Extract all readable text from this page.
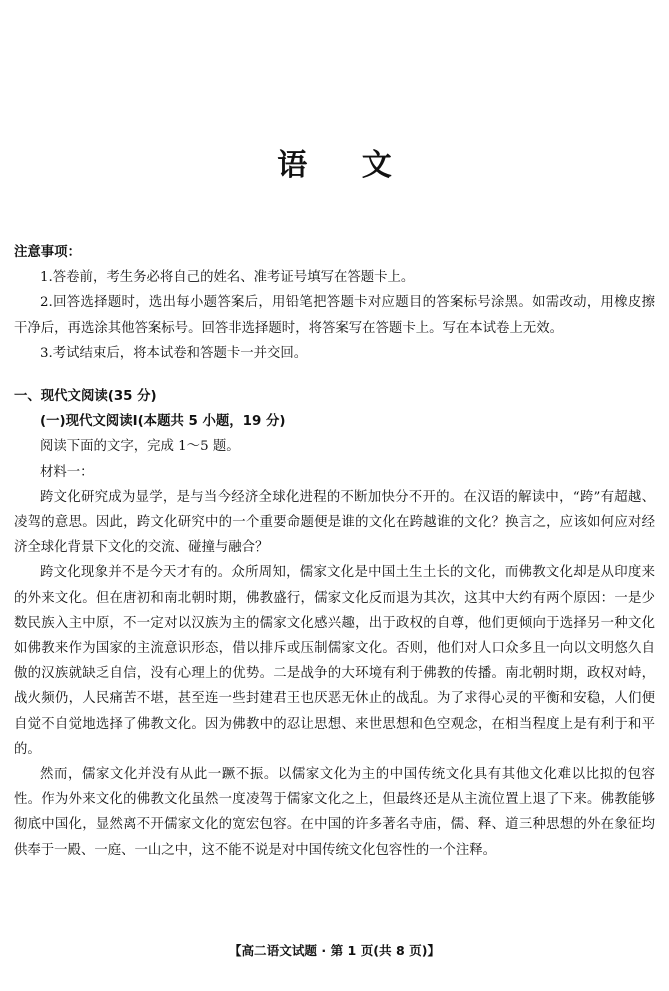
语 文

注意事项：

1.答卷前，考生务必将自己的姓名、准考证号填写在答题卡上。

2.回答选择题时，选出每小题答案后，用铅笔把答题卡对应题目的答案标号涂黑。如需改动，用橡皮擦干净后，再选涂其他答案标号。回答非选择题时，将答案写在答题卡上。写在本试卷上无效。

3.考试结束后，将本试卷和答题卡一并交回。

一、现代文阅读(35 分)

(一)现代文阅读Ⅰ(本题共 5 小题，19 分)

阅读下面的文字，完成 1～5 题。

材料一：

跨文化研究成为显学，是与当今经济全球化进程的不断加快分不开的。在汉语的解读中，“跨”有超越、凌驾的意思。因此，跨文化研究中的一个重要命题便是谁的文化在跨越谁的文化？换言之，应该如何应对经济全球化背景下文化的交流、碰撞与融合？

跨文化现象并不是今天才有的。众所周知，儒家文化是中国土生土长的文化，而佛教文化却是从印度来的外来文化。但在唐初和南北朝时期，佛教盛行，儒家文化反而退为其次，这其中大约有两个原因：一是少数民族入主中原，不一定对以汉族为主的儒家文化感兴趣，出于政权的自尊，他们更倾向于选择另一种文化如佛教来作为国家的主流意识形态，借以排斥或压制儒家文化。否则，他们对人口众多且一向以文明悠久自傲的汉族就缺乏自信，没有心理上的优势。二是战争的大环境有利于佛教的传播。南北朝时期，政权对峙，战火频仍，人民痛苦不堪，甚至连一些封建君王也厌恶无休止的战乱。为了求得心灵的平衡和安稳，人们便自觉不自觉地选择了佛教文化。因为佛教中的忍让思想、来世思想和色空观念，在相当程度上是有利于和平的。

然而，儒家文化并没有从此一蹶不振。以儒家文化为主的中国传统文化具有其他文化难以比拟的包容性。作为外来文化的佛教文化虽然一度凌驾于儒家文化之上，但最终还是从主流位置上退了下来。佛教能够彻底中国化，显然离不开儒家文化的宽宏包容。在中国的许多著名寺庙，儒、释、道三种思想的外在象征均供奉于一殿、一庭、一山之中，这不能不说是对中国传统文化包容性的一个注释。

【高二语文试题 · 第 1 页(共 8 页)】
